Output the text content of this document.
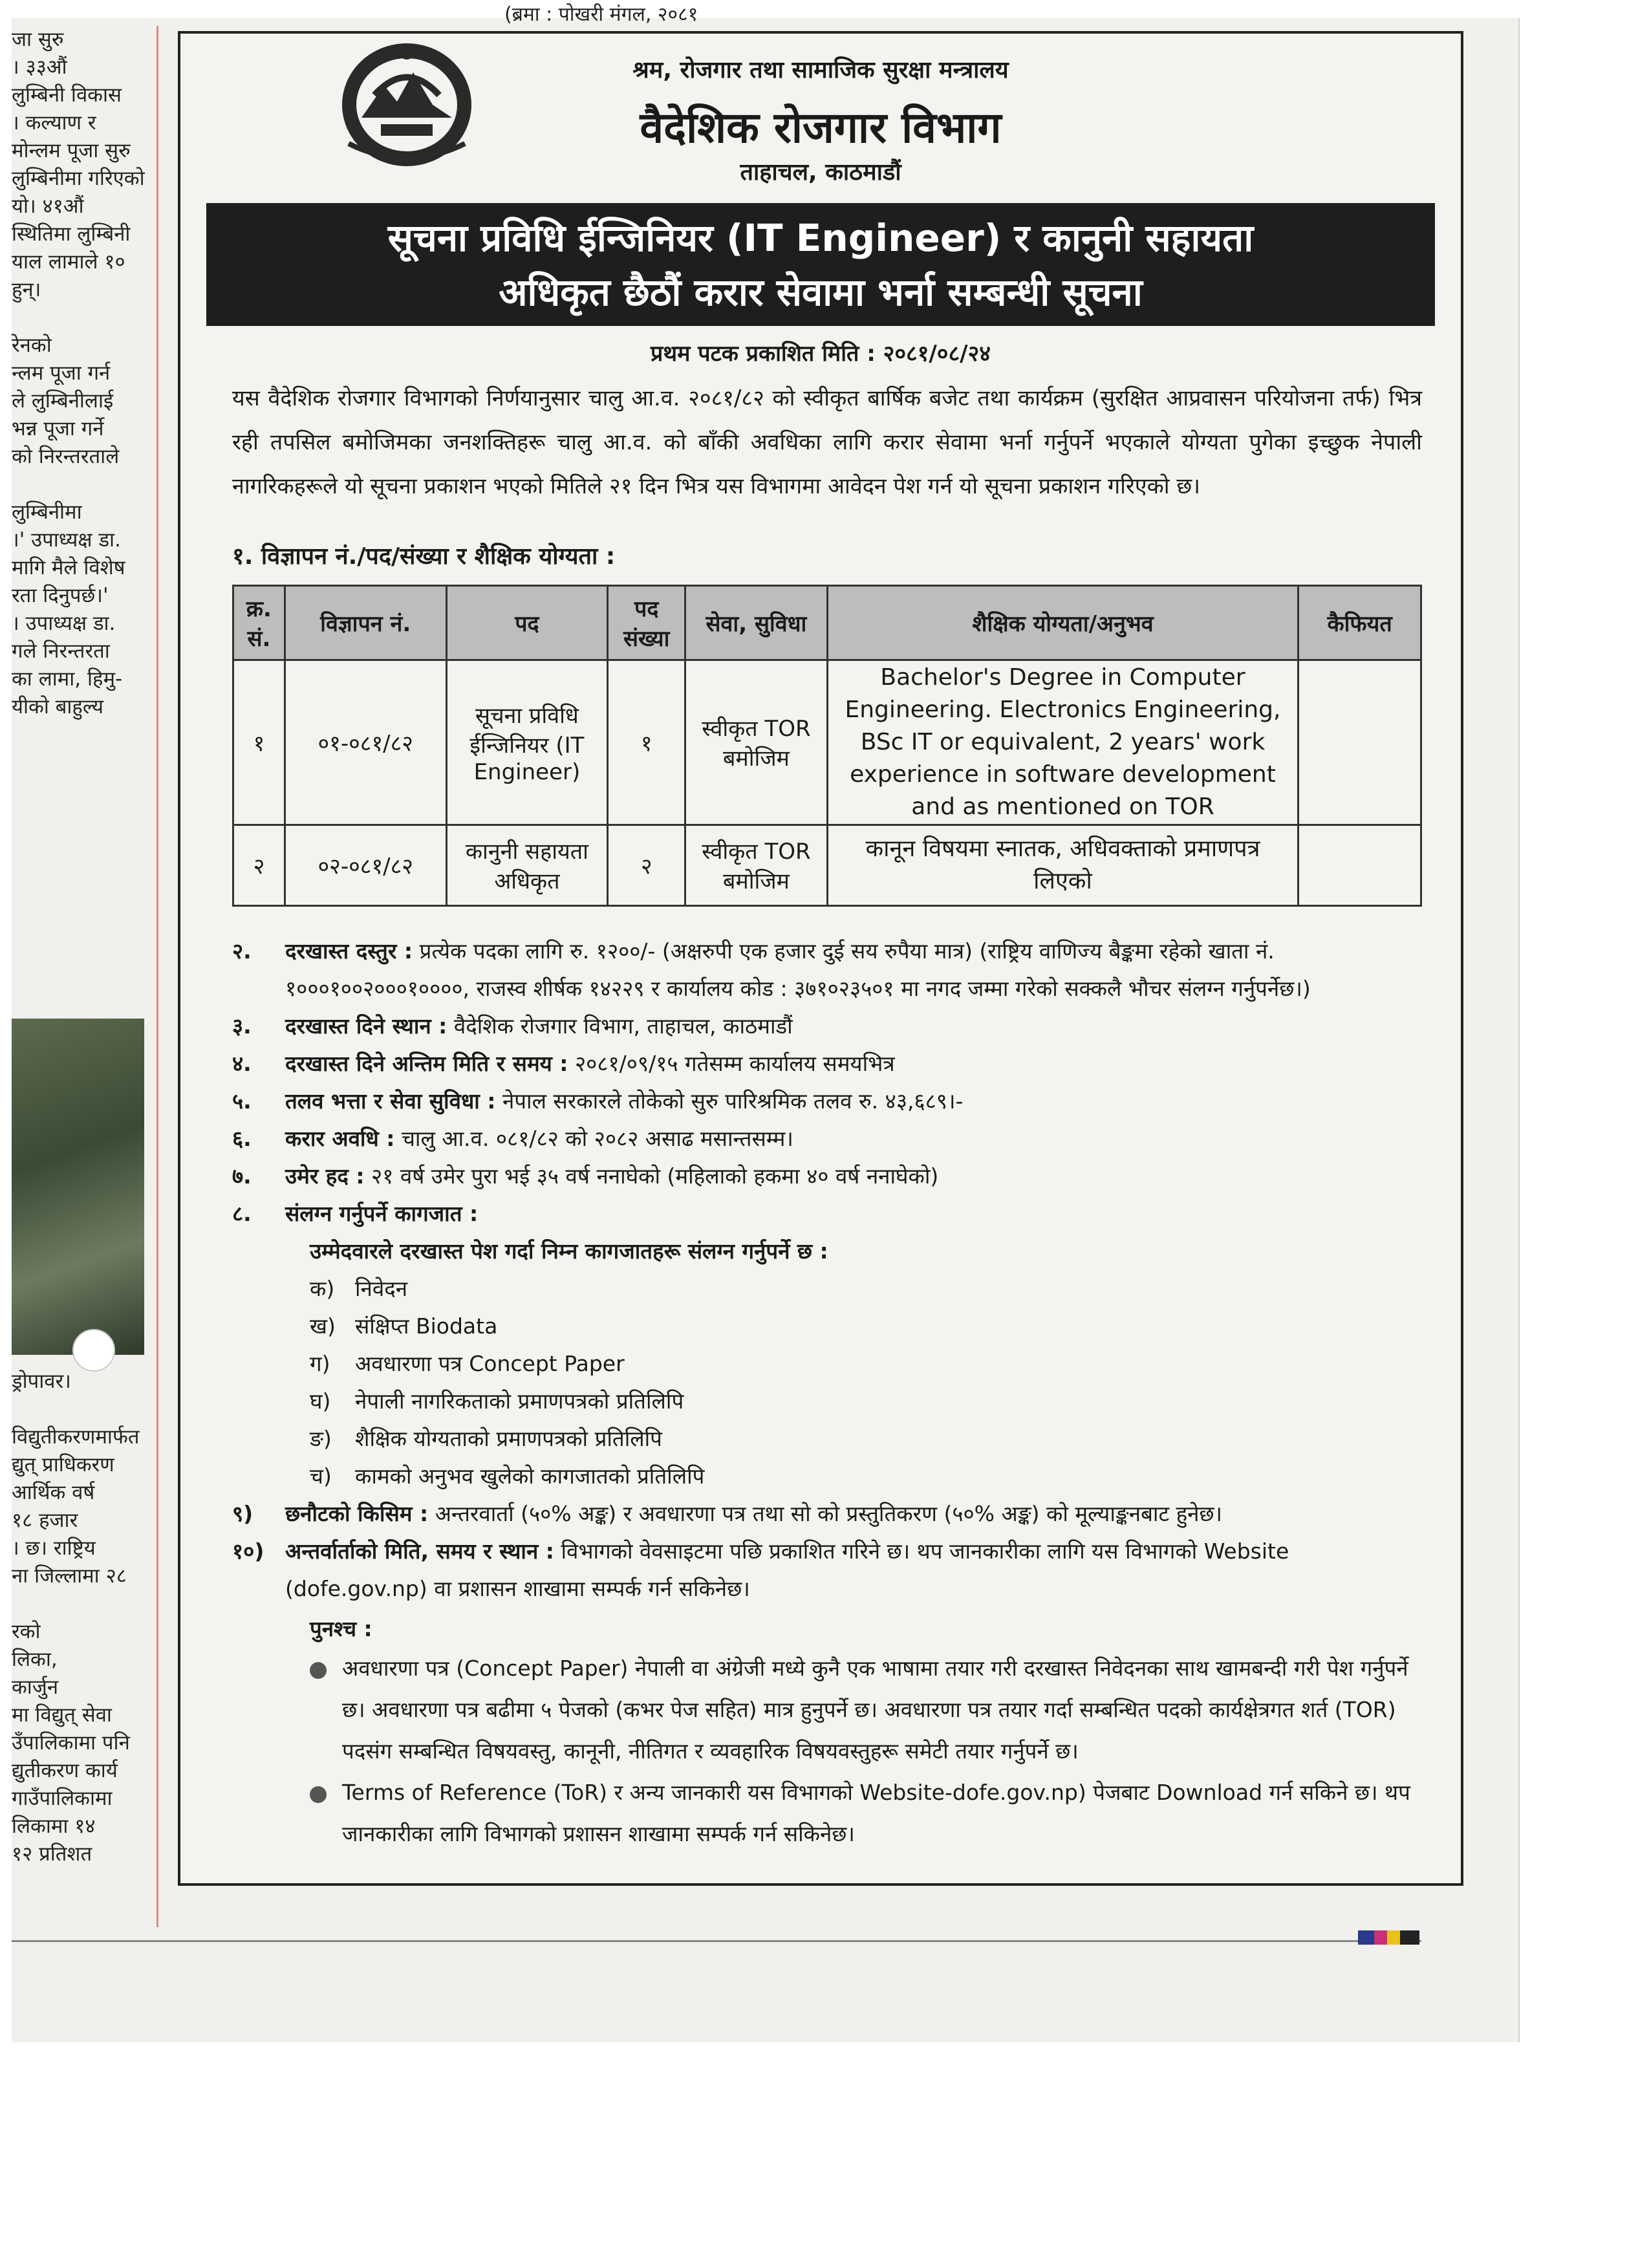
(ब्रमा : पोखरी मंगल, २०८१
जा सुरु
। ३३औं
लुम्बिनी विकास
। कल्याण र
मोन्लम पूजा सुरु
लुम्बिनीमा गरिएको
यो। ४१औं
स्थितिमा लुम्बिनी
याल लामाले १०
हुन्।

रेनको
न्लम पूजा गर्न
ले लुम्बिनीलाई
भन्न पूजा गर्ने
को निरन्तरताले

लुम्बिनीमा
।' उपाध्यक्ष डा.
मागि मैले विशेष
रता दिनुपर्छ।'
। उपाध्यक्ष डा.
गले निरन्तरता
का लामा, हिमु-
यीको बाहुल्य
ड्रोपावर।

विद्युतीकरणमार्फत
द्युत् प्राधिकरण
आर्थिक वर्ष
१८ हजार
। छ। राष्ट्रिय
ना जिल्लामा २८

रको
लिका,
कार्जुन
मा विद्युत् सेवा
उँपालिकामा पनि
द्युतीकरण कार्य
गाउँपालिकामा
लिकामा १४
१२ प्रतिशत
श्रम, रोजगार तथा सामाजिक सुरक्षा मन्त्रालय
वैदेशिक रोजगार विभाग
ताहाचल, काठमाडौं
सूचना प्रविधि ईन्जिनियर (IT Engineer) र कानुनी सहायता
अधिकृत छैठौं करार सेवामा भर्ना सम्बन्धी सूचना
प्रथम पटक प्रकाशित मिति : २०८१/०८/२४
यस वैदेशिक रोजगार विभागको निर्णयानुसार चालु आ.व. २०८१/८२ को स्वीकृत बार्षिक बजेट तथा कार्यक्रम (सुरक्षित आप्रवासन परियोजना तर्फ) भित्र रही तपसिल बमोजिमका जनशक्तिहरू चालु आ.व. को बाँकी अवधिका लागि करार सेवामा भर्ना गर्नुपर्ने भएकाले योग्यता पुगेका इच्छुक नेपाली नागरिकहरूले यो सूचना प्रकाशन भएको मितिले २१ दिन भित्र यस विभागमा आवेदन पेश गर्न यो सूचना प्रकाशन गरिएको छ।
१. विज्ञापन नं./पद/संख्या र शैक्षिक योग्यता :
क्र. सं.	विज्ञापन नं.	पद	पद संख्या	सेवा, सुविधा	शैक्षिक योग्यता/अनुभव	कैफियत
१	०१-०८१/८२	सूचना प्रविधि ईन्जिनियर (IT Engineer)	१	स्वीकृत TOR बमोजिम	Bachelor's Degree in Computer Engineering. Electronics Engineering, BSc IT or equivalent, 2 years' work experience in software development and as mentioned on TOR	
२	०२-०८१/८२	कानुनी सहायता अधिकृत	२	स्वीकृत TOR बमोजिम	कानून विषयमा स्नातक, अधिवक्ताको प्रमाणपत्र लिएको	
२. दरखास्त दस्तुर : प्रत्येक पदका लागि रु. १२००/- (अक्षरुपी एक हजार दुई सय रुपैया मात्र) (राष्ट्रिय वाणिज्य बैङ्कमा रहेको खाता नं. १०००१००२०००१००००, राजस्व शीर्षक १४२२९ र कार्यालय कोड : ३७१०२३५०१ मा नगद जम्मा गरेको सक्कलै भौचर संलग्न गर्नुपर्नेछ।)
३. दरखास्त दिने स्थान : वैदेशिक रोजगार विभाग, ताहाचल, काठमाडौं
४. दरखास्त दिने अन्तिम मिति र समय : २०८१/०९/१५ गतेसम्म कार्यालय समयभित्र
५. तलव भत्ता र सेवा सुविधा : नेपाल सरकारले तोकेको सुरु पारिश्रमिक तलव रु. ४३,६८९।-
६. करार अवधि : चालु आ.व. ०८१/८२ को २०८२ असाढ मसान्तसम्म।
७. उमेर हद : २१ वर्ष उमेर पुरा भई ३५ वर्ष ननाघेको (महिलाको हकमा ४० वर्ष ननाघेको)
८. संलग्न गर्नुपर्ने कागजात :
उम्मेदवारले दरखास्त पेश गर्दा निम्न कागजातहरू संलग्न गर्नुपर्ने छ :
क) निवेदन
ख) संक्षिप्त Biodata
ग) अवधारणा पत्र Concept Paper
घ) नेपाली नागरिकताको प्रमाणपत्रको प्रतिलिपि
ङ) शैक्षिक योग्यताको प्रमाणपत्रको प्रतिलिपि
च) कामको अनुभव खुलेको कागजातको प्रतिलिपि
९) छनौटको किसिम : अन्तरवार्ता (५०% अङ्क) र अवधारणा पत्र तथा सो को प्रस्तुतिकरण (५०% अङ्क) को मूल्याङ्कनबाट हुनेछ।
१०) अन्तर्वार्ताको मिति, समय र स्थान : विभागको वेवसाइटमा पछि प्रकाशित गरिने छ। थप जानकारीका लागि यस विभागको Website (dofe.gov.np) वा प्रशासन शाखामा सम्पर्क गर्न सकिनेछ।
पुनश्च :
अवधारणा पत्र (Concept Paper) नेपाली वा अंग्रेजी मध्ये कुनै एक भाषामा तयार गरी दरखास्त निवेदनका साथ खामबन्दी गरी पेश गर्नुपर्ने छ। अवधारणा पत्र बढीमा ५ पेजको (कभर पेज सहित) मात्र हुनुपर्ने छ। अवधारणा पत्र तयार गर्दा सम्बन्धित पदको कार्यक्षेत्रगत शर्त (TOR) पदसंग सम्बन्धित विषयवस्तु, कानूनी, नीतिगत र व्यवहारिक विषयवस्तुहरू समेटी तयार गर्नुपर्ने छ।
Terms of Reference (ToR) र अन्य जानकारी यस विभागको Website-dofe.gov.np) पेजबाट Download गर्न सकिने छ। थप जानकारीका लागि विभागको प्रशासन शाखामा सम्पर्क गर्न सकिनेछ।
